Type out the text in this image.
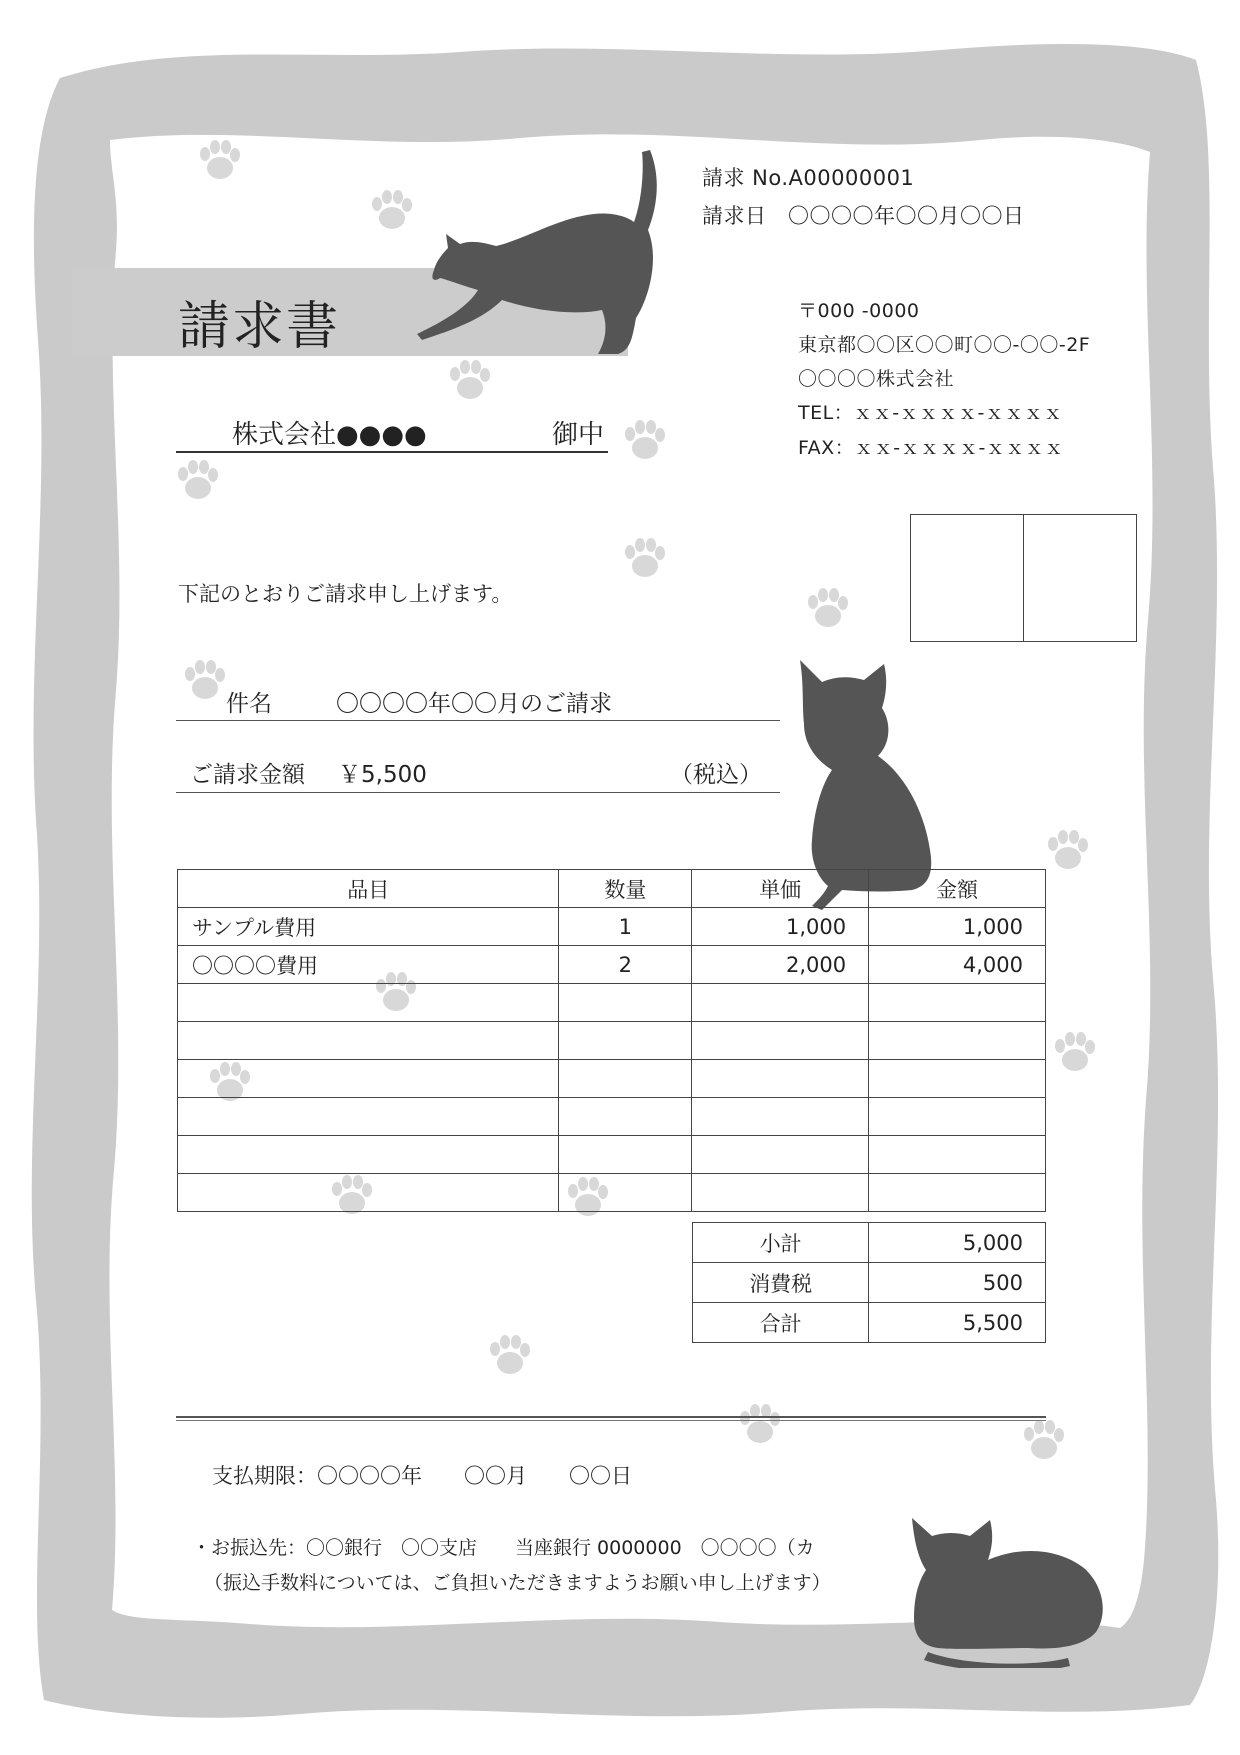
請求書
請求 No.A00000001
請求日　〇〇〇〇年〇〇月〇〇日
〒000 -0000
東京都〇〇区〇〇町〇〇-〇〇-2F
〇〇〇〇株式会社
TEL：ｘｘ-ｘｘｘｘ-ｘｘｘｘ
FAX：ｘｘ-ｘｘｘｘ-ｘｘｘｘ
株式会社●●●●	御中
下記のとおりご請求申し上げます。
件名	〇〇〇〇年〇〇月のご請求
ご請求金額 ￥5,500	（税込）
品目	数量	単価	金額
サンプル費用	1	1,000	1,000
〇〇〇〇費用	2	2,000	4,000

小計	5,000
消費税	500
合計	5,500
支払期限：〇〇〇〇年　　〇〇月　　〇〇日
・お振込先：〇〇銀行　〇〇支店　　当座銀行 0000000　〇〇〇〇（カ
（振込手数料については、ご負担いただきますようお願い申し上げます）
